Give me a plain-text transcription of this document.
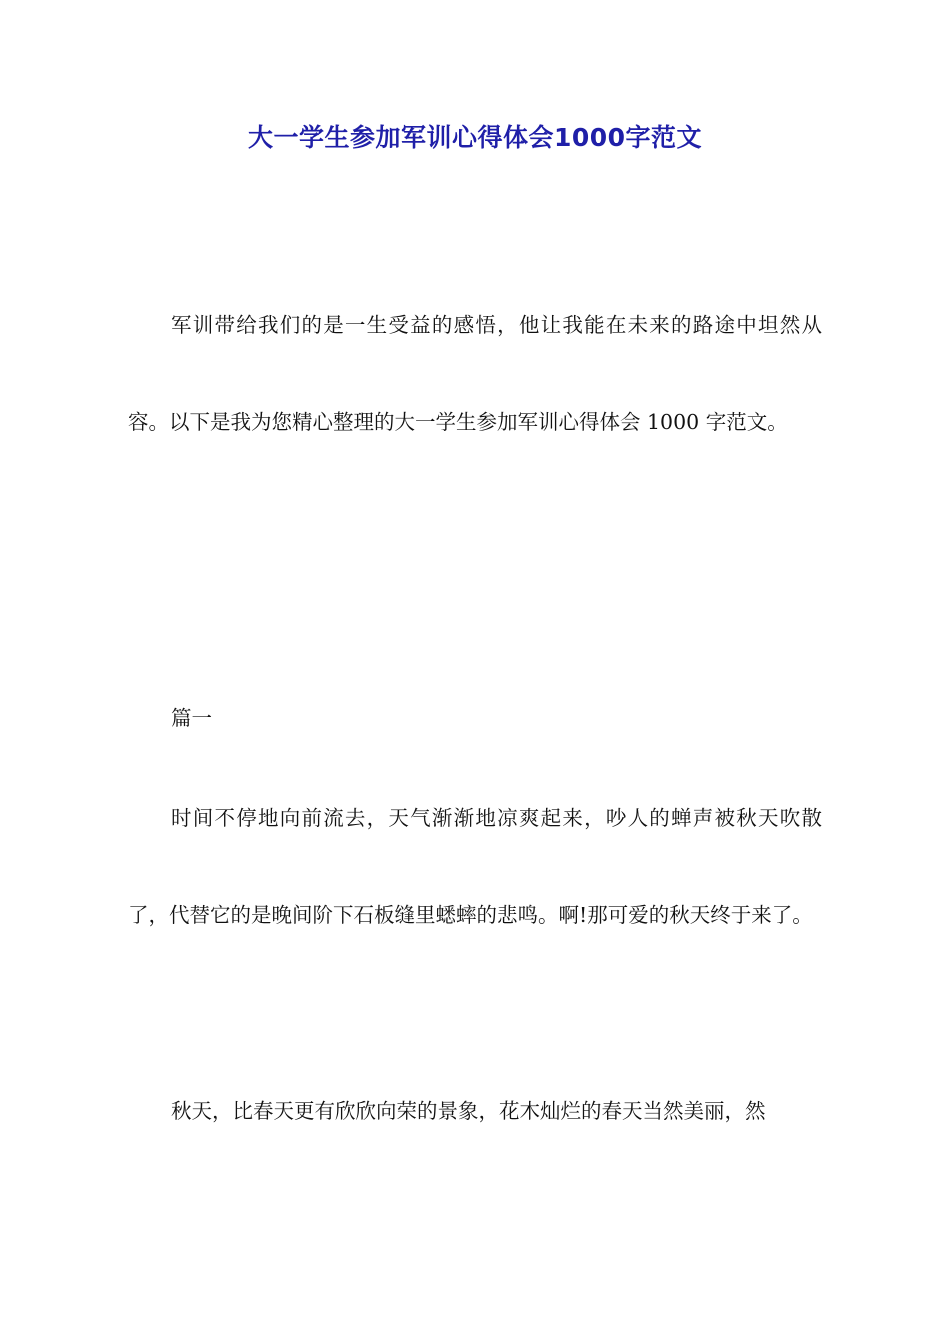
大一学生参加军训心得体会1000字范文

军训带给我们的是一生受益的感悟，他让我能在未来的路途中坦然从容。以下是我为您精心整理的大一学生参加军训心得体会 1000 字范文。

篇一

时间不停地向前流去，天气渐渐地凉爽起来，吵人的蝉声被秋天吹散了，代替它的是晚间阶下石板缝里蟋蟀的悲鸣。啊!那可爱的秋天终于来了。

秋天，比春天更有欣欣向荣的景象，花木灿烂的春天当然美丽，然
